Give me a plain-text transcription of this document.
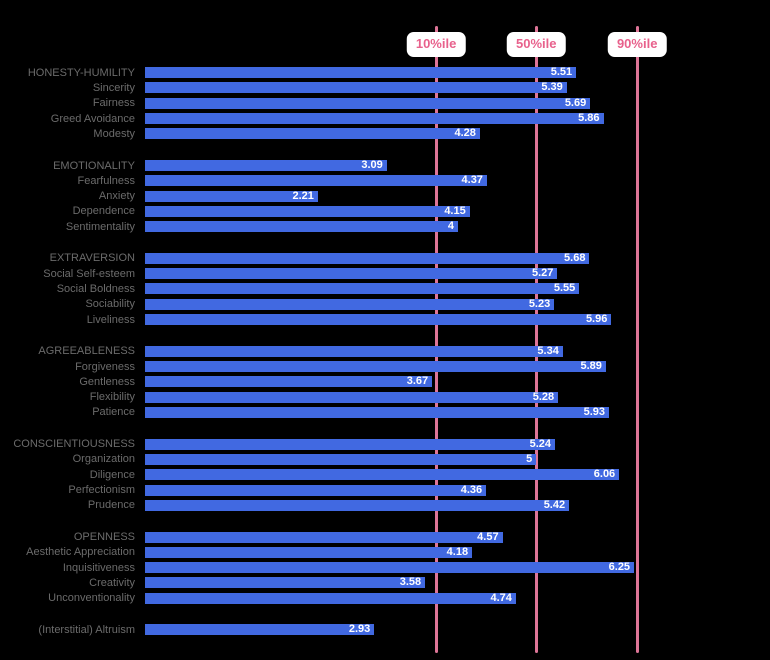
HONESTY-HUMILITY	5.51
Sincerity	5.39
Fairness	5.69
Greed Avoidance	5.86
Modesty	4.28
EMOTIONALITY	3.09
Fearfulness	4.37
Anxiety	2.21
Dependence	4.15
Sentimentality	4
EXTRAVERSION	5.68
Social Self-esteem	5.27
Social Boldness	5.55
Sociability	5.23
Liveliness	5.96
AGREEABLENESS	5.34
Forgiveness	5.89
Gentleness	3.67
Flexibility	5.28
Patience	5.93
CONSCIENTIOUSNESS	5.24
Organization	5
Diligence	6.06
Perfectionism	4.36
Prudence	5.42
OPENNESS	4.57
Aesthetic Appreciation	4.18
Inquisitiveness	6.25
Creativity	3.58
Unconventionality	4.74
(Interstitial) Altruism	2.93
10%ile	50%ile	90%ile
